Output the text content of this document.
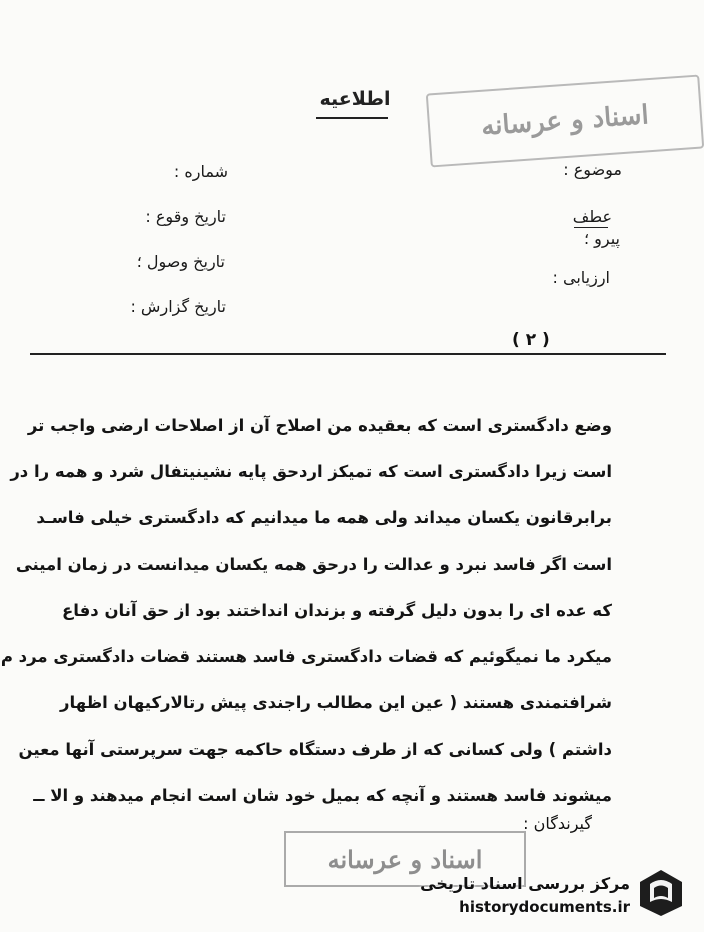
اطلاعیه
اسناد و عرسانه
موضوع :
عطف
پیرو ؛
ارزیابی :
شماره :
تاریخ وقوع :
تاریخ وصول ؛
تاریخ گزارش :
( ۲ )
وضع دادگستری است که بعقیده من اصلاح آن از اصلاحات ارضی واجب تر
است زیرا دادگستری است که تمیکز اردحق پایه نشینیتفال شرد و همه را در
برابرقانون یکسان میداند ولی همه ما میدانیم که دادگستری خیلی فاسـد
است اگر فاسد نبرد و عدالت را درحق همه یکسان میدانست در زمان امینی
که عده ای را بدون دلیل گرفته و بزندان انداختند بود از حق آنان دفاع
میکرد ما نمیگوئیم که قضات دادگستری فاسد هستند قضات دادگستری مرد م
شرافتمندی هستند ( عین این مطالب راجندی پیش رتالارکیهان اظهار
داشتم ) ولی کسانی که از طرف دستگاه حاکمه جهت سرپرستی آنها معین
میشوند فاسد هستند و آنچه که بمیل خود شان است انجام میدهند و الا ــ
گیرندگان :
اسناد و عرسانه
مرکز بررسی اسناد تاریخی
historydocuments.ir
